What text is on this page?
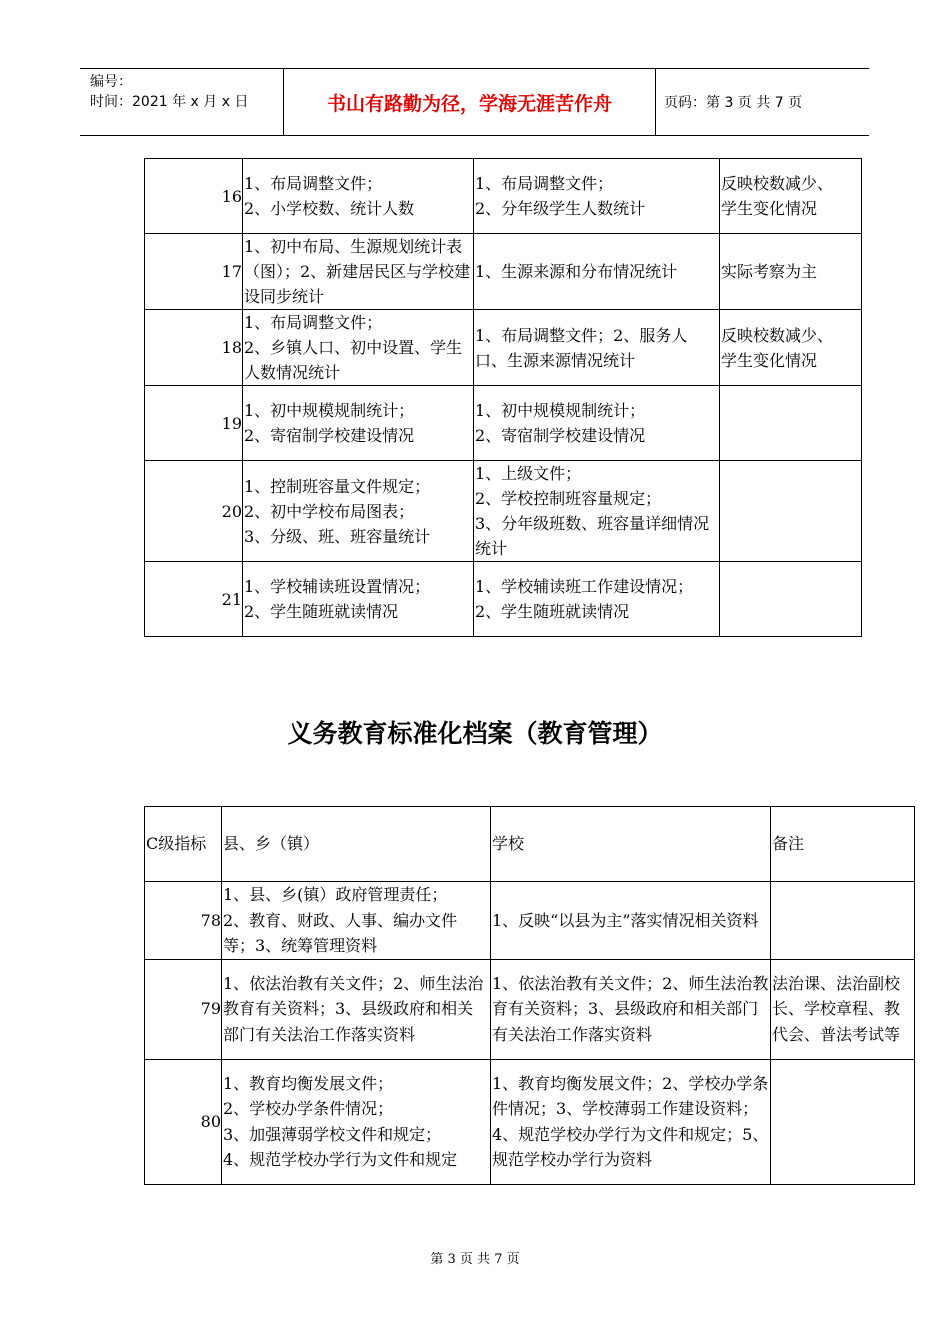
编号：
时间：2021 年 x 月 x 日	书山有路勤为径，学海无涯苦作舟	页码：第 3 页 共 7 页
16	1、布局调整文件；
2、小学校数、统计人数	1、布局调整文件；
2、分年级学生人数统计	反映校数减少、
学生变化情况
17	1、初中布局、生源规划统计表（图）；2、新建居民区与学校建设同步统计	1、生源来源和分布情况统计	实际考察为主
18	1、布局调整文件；
2、乡镇人口、初中设置、学生人数情况统计	1、布局调整文件；2、服务人口、生源来源情况统计	反映校数减少、
学生变化情况
19	1、初中规模规制统计；
2、寄宿制学校建设情况	1、初中规模规制统计；
2、寄宿制学校建设情况	
20	1、控制班容量文件规定；
2、初中学校布局图表；
3、分级、班、班容量统计	1、上级文件；
2、学校控制班容量规定；
3、分年级班数、班容量详细情况统计	
21	1、学校辅读班设置情况；
2、学生随班就读情况	1、学校辅读班工作建设情况；2、学生随班就读情况	
义务教育标准化档案（教育管理）
C级指标	县、乡（镇）	学校	备注
78	1、县、乡(镇）政府管理责任；
2、教育、财政、人事、编办文件等；3、统筹管理资料	1、反映“以县为主”落实情况相关资料	
79	1、依法治教有关文件；2、师生法治教育有关资料；3、县级政府和相关部门有关法治工作落实资料	1、依法治教有关文件；2、师生法治教育有关资料；3、县级政府和相关部门有关法治工作落实资料	法治课、法治副校长、学校章程、教代会、普法考试等
80	1、教育均衡发展文件；
2、学校办学条件情况；
3、加强薄弱学校文件和规定；
4、规范学校办学行为文件和规定	1、教育均衡发展文件；2、学校办学条件情况；3、学校薄弱工作建设资料；4、规范学校办学行为文件和规定；5、规范学校办学行为资料	
第 3 页 共 7 页
